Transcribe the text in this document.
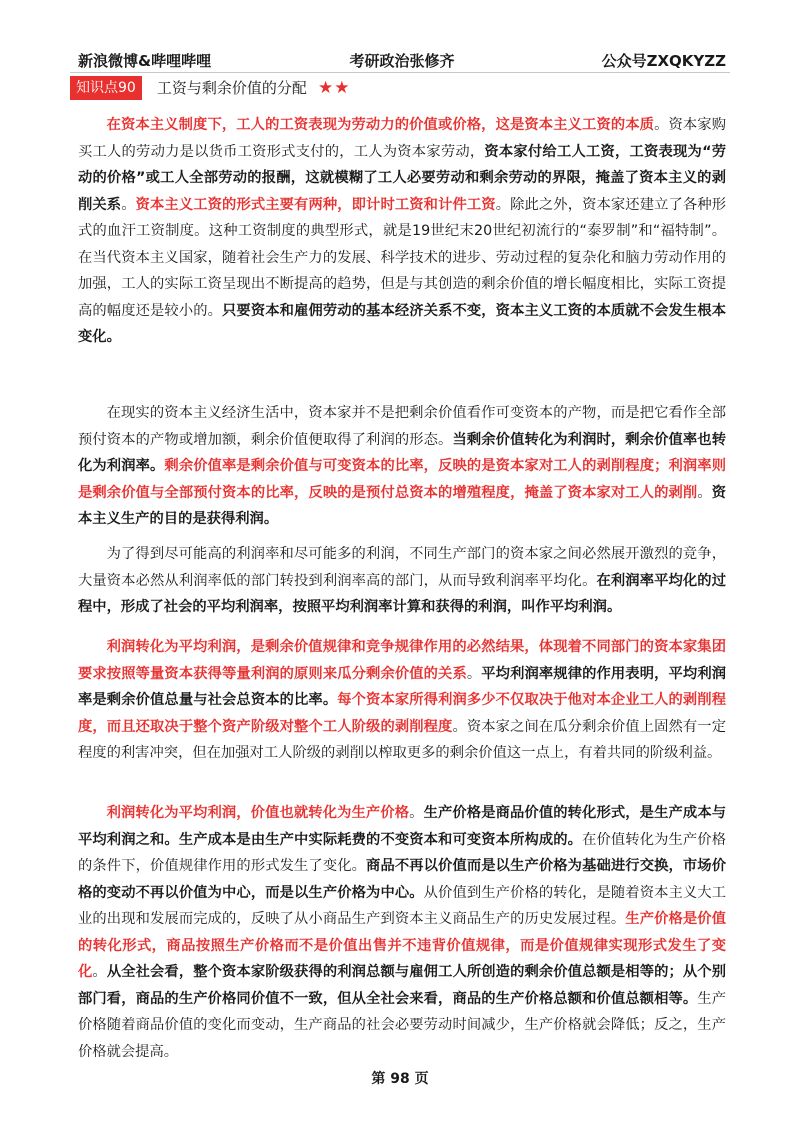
新浪微博&哔哩哔哩	考研政治张修齐	公众号ZXQKYZZ
知识点90 工资与剩余价值的分配 ★★

在资本主义制度下，工人的工资表现为劳动力的价值或价格，这是资本主义工资的本质。资本家购买工人的劳动力是以货币工资形式支付的，工人为资本家劳动，资本家付给工人工资，工资表现为“劳动的价格”或工人全部劳动的报酬，这就模糊了工人必要劳动和剩余劳动的界限，掩盖了资本主义的剥削关系。资本主义工资的形式主要有两种，即计时工资和计件工资。除此之外，资本家还建立了各种形式的血汗工资制度。这种工资制度的典型形式，就是19世纪末20世纪初流行的“泰罗制”和“福特制”。在当代资本主义国家，随着社会生产力的发展、科学技术的进步、劳动过程的复杂化和脑力劳动作用的加强，工人的实际工资呈现出不断提高的趋势，但是与其创造的剩余价值的增长幅度相比，实际工资提高的幅度还是较小的。只要资本和雇佣劳动的基本经济关系不变，资本主义工资的本质就不会发生根本变化。

在现实的资本主义经济生活中，资本家并不是把剩余价值看作可变资本的产物，而是把它看作全部预付资本的产物或增加额，剩余价值便取得了利润的形态。当剩余价值转化为利润时，剩余价值率也转化为利润率。剩余价值率是剩余价值与可变资本的比率，反映的是资本家对工人的剥削程度；利润率则是剩余价值与全部预付资本的比率，反映的是预付总资本的增殖程度，掩盖了资本家对工人的剥削。资本主义生产的目的是获得利润。

为了得到尽可能高的利润率和尽可能多的利润，不同生产部门的资本家之间必然展开激烈的竞争，大量资本必然从利润率低的部门转投到利润率高的部门，从而导致利润率平均化。在利润率平均化的过程中，形成了社会的平均利润率，按照平均利润率计算和获得的利润，叫作平均利润。

利润转化为平均利润，是剩余价值规律和竞争规律作用的必然结果，体现着不同部门的资本家集团要求按照等量资本获得等量利润的原则来瓜分剩余价值的关系。平均利润率规律的作用表明，平均利润率是剩余价值总量与社会总资本的比率。每个资本家所得利润多少不仅取决于他对本企业工人的剥削程度，而且还取决于整个资产阶级对整个工人阶级的剥削程度。资本家之间在瓜分剩余价值上固然有一定程度的利害冲突，但在加强对工人阶级的剥削以榨取更多的剩余价值这一点上，有着共同的阶级利益。

利润转化为平均利润，价值也就转化为生产价格。生产价格是商品价值的转化形式，是生产成本与平均利润之和。生产成本是由生产中实际耗费的不变资本和可变资本所构成的。在价值转化为生产价格的条件下，价值规律作用的形式发生了变化。商品不再以价值而是以生产价格为基础进行交换，市场价格的变动不再以价值为中心，而是以生产价格为中心。从价值到生产价格的转化，是随着资本主义大工业的出现和发展而完成的，反映了从小商品生产到资本主义商品生产的历史发展过程。生产价格是价值的转化形式，商品按照生产价格而不是价值出售并不违背价值规律，而是价值规律实现形式发生了变化。从全社会看，整个资本家阶级获得的利润总额与雇佣工人所创造的剩余价值总额是相等的；从个别部门看，商品的生产价格同价值不一致，但从全社会来看，商品的生产价格总额和价值总额相等。生产价格随着商品价值的变化而变动，生产商品的社会必要劳动时间减少，生产价格就会降低；反之，生产价格就会提高。

第 98 页
